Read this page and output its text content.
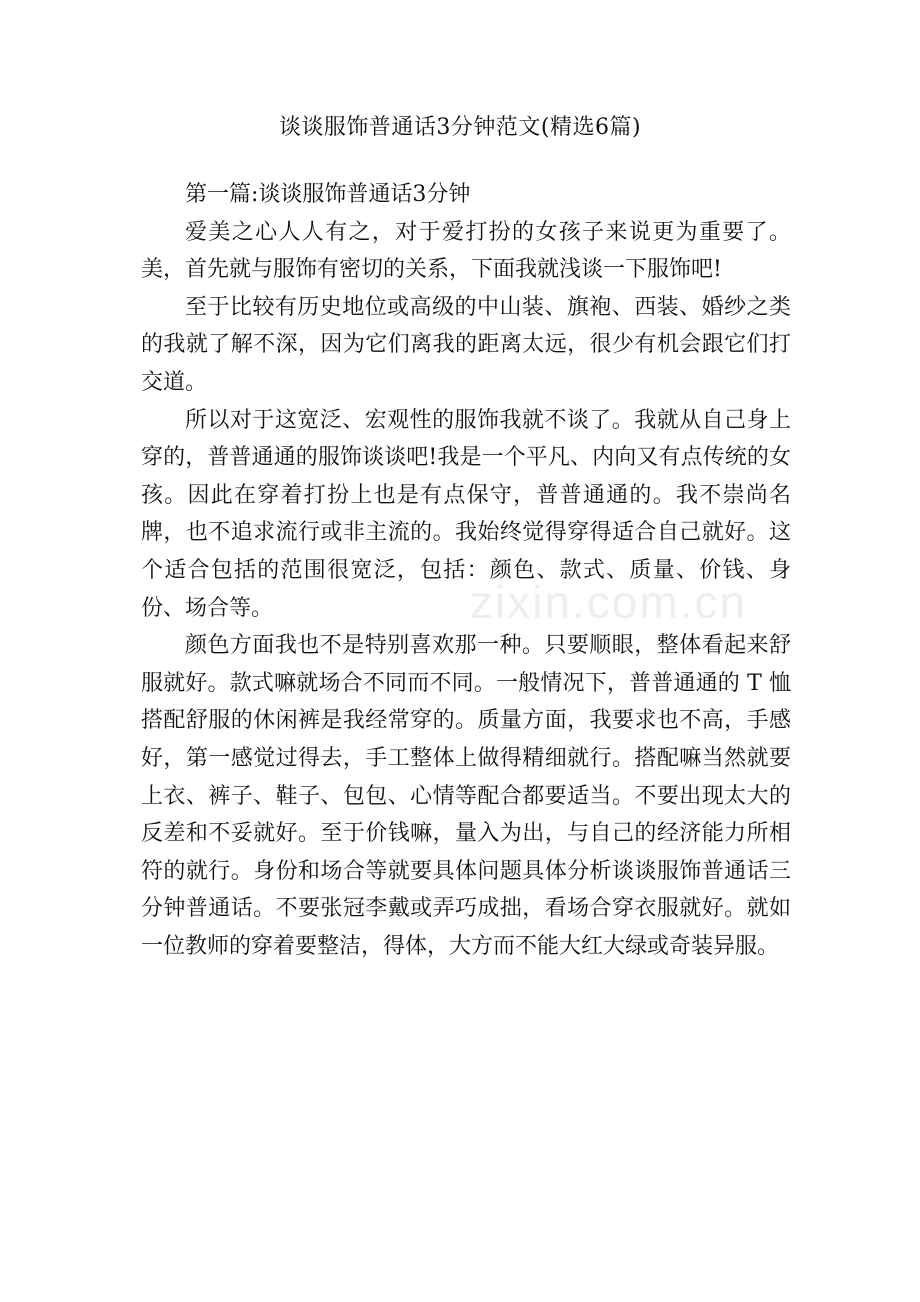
谈谈服饰普通话3分钟范文(精选6篇)

第一篇:谈谈服饰普通话3分钟

爱美之心人人有之，对于爱打扮的女孩子来说更为重要了。美，首先就与服饰有密切的关系，下面我就浅谈一下服饰吧!

至于比较有历史地位或高级的中山装、旗袍、西装、婚纱之类的我就了解不深，因为它们离我的距离太远，很少有机会跟它们打交道。

所以对于这宽泛、宏观性的服饰我就不谈了。我就从自己身上穿的，普普通通的服饰谈谈吧!我是一个平凡、内向又有点传统的女孩。因此在穿着打扮上也是有点保守，普普通通的。我不崇尚名牌，也不追求流行或非主流的。我始终觉得穿得适合自己就好。这个适合包括的范围很宽泛，包括：颜色、款式、质量、价钱、身份、场合等。

颜色方面我也不是特别喜欢那一种。只要顺眼，整体看起来舒服就好。款式嘛就场合不同而不同。一般情况下，普普通通的 T 恤搭配舒服的休闲裤是我经常穿的。质量方面，我要求也不高，手感好，第一感觉过得去，手工整体上做得精细就行。搭配嘛当然就要上衣、裤子、鞋子、包包、心情等配合都要适当。不要出现太大的反差和不妥就好。至于价钱嘛，量入为出，与自己的经济能力所相符的就行。身份和场合等就要具体问题具体分析谈谈服饰普通话三分钟普通话。不要张冠李戴或弄巧成拙，看场合穿衣服就好。就如一位教师的穿着要整洁，得体，大方而不能大红大绿或奇装异服。

zixin.com.cn
